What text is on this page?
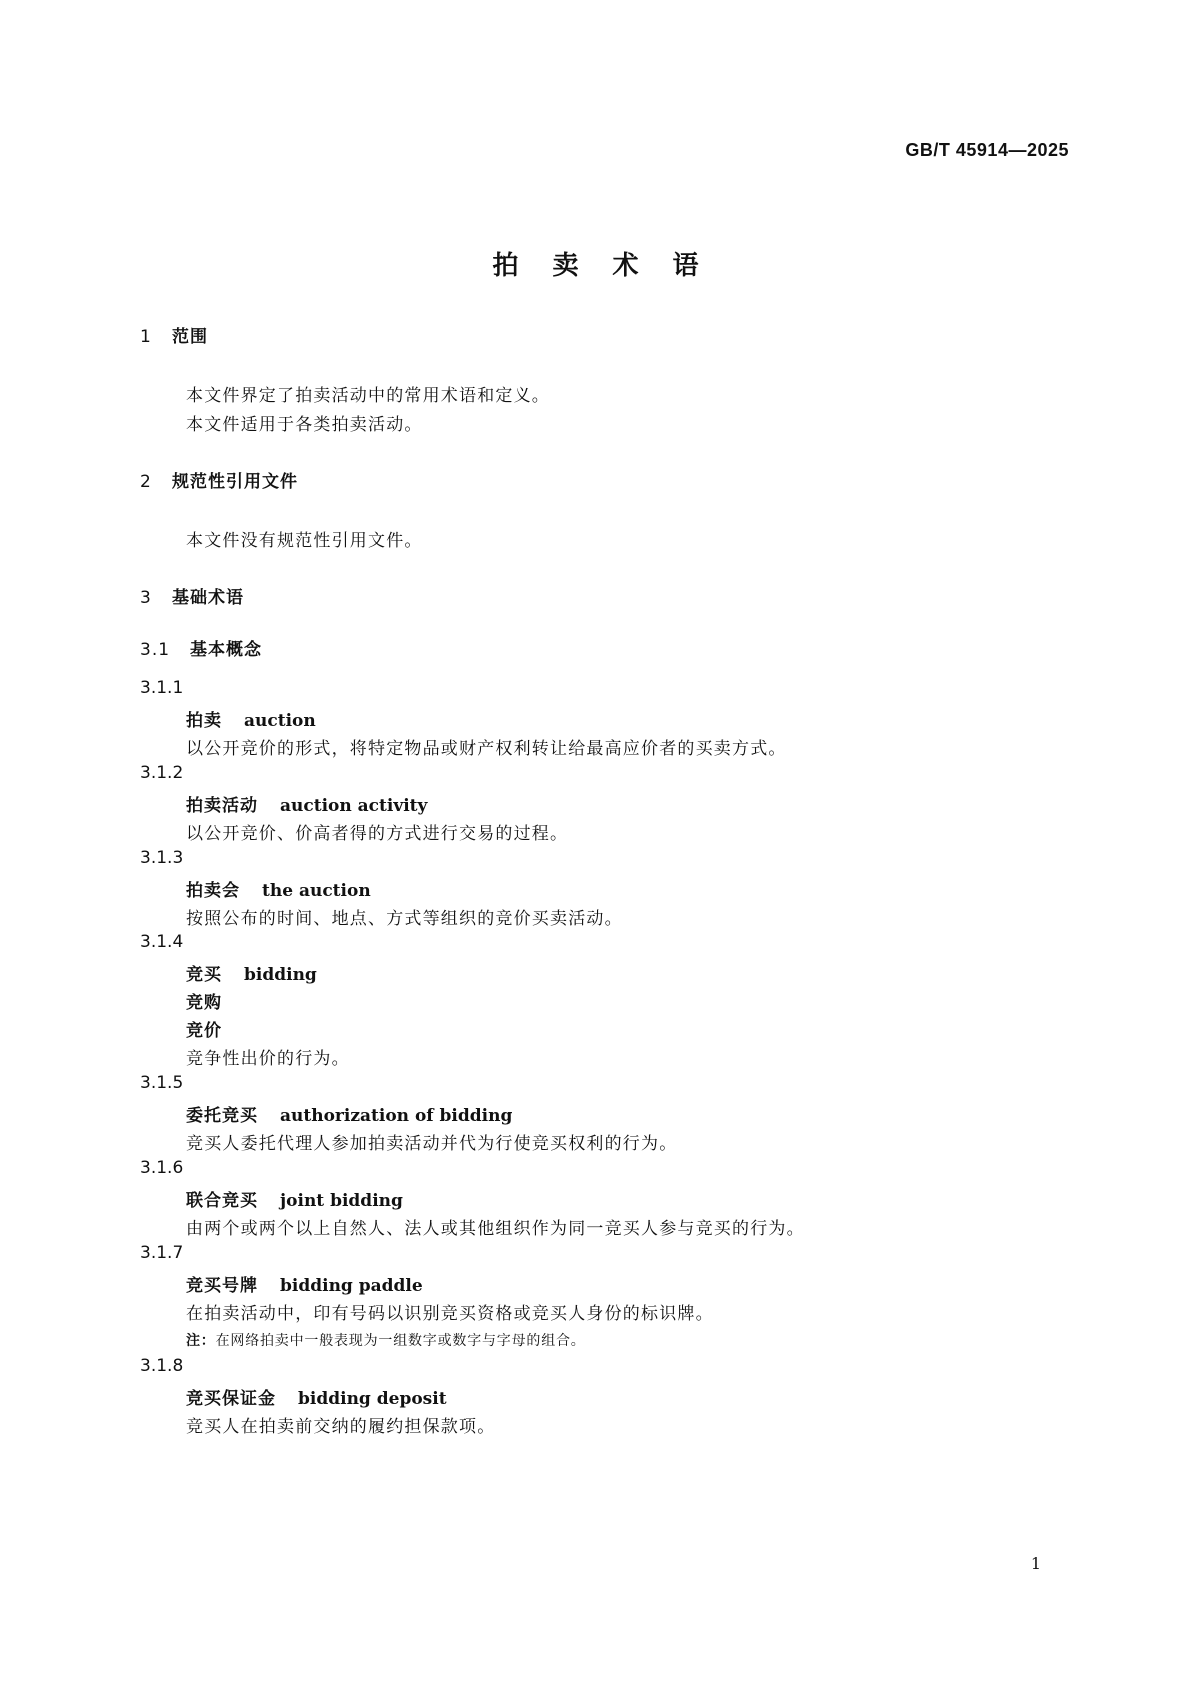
GB/T 45914—2025
拍卖术语
1 范围
本文件界定了拍卖活动中的常用术语和定义。
本文件适用于各类拍卖活动。
2 规范性引用文件
本文件没有规范性引用文件。
3 基础术语
3.1 基本概念
3.1.1
拍卖 auction
以公开竞价的形式，将特定物品或财产权利转让给最高应价者的买卖方式。
3.1.2
拍卖活动 auction activity
以公开竞价、价高者得的方式进行交易的过程。
3.1.3
拍卖会 the auction
按照公布的时间、地点、方式等组织的竞价买卖活动。
3.1.4
竞买 bidding
竞购
竞价
竞争性出价的行为。
3.1.5
委托竞买 authorization of bidding
竞买人委托代理人参加拍卖活动并代为行使竞买权利的行为。
3.1.6
联合竞买 joint bidding
由两个或两个以上自然人、法人或其他组织作为同一竞买人参与竞买的行为。
3.1.7
竞买号牌 bidding paddle
在拍卖活动中，印有号码以识别竞买资格或竞买人身份的标识牌。
注：在网络拍卖中一般表现为一组数字或数字与字母的组合。
3.1.8
竞买保证金 bidding deposit
竞买人在拍卖前交纳的履约担保款项。
1
